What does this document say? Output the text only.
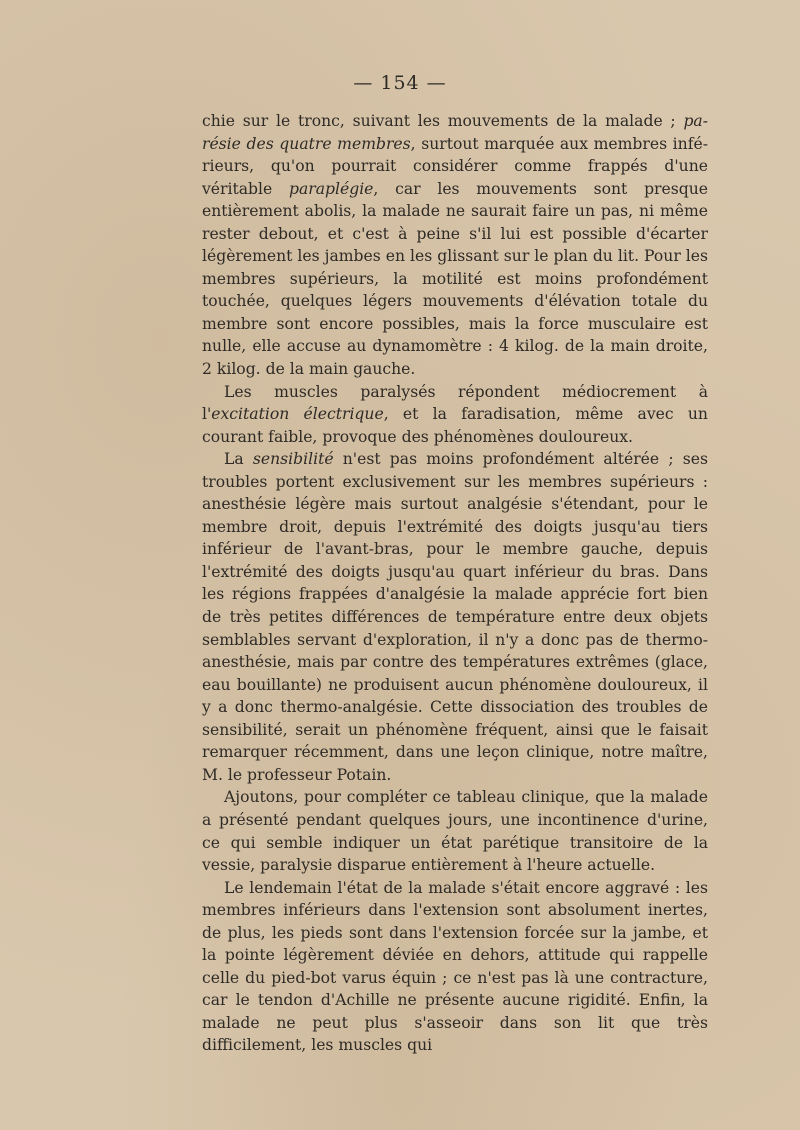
— 154 —

chie sur le tronc, suivant les mouvements de la malade ; parésie des quatre membres, surtout marquée aux membres inférieurs, qu'on pourrait considérer comme frappés d'une véritable paraplégie, car les mouvements sont presque entièrement abolis, la malade ne saurait faire un pas, ni même rester debout, et c'est à peine s'il lui est possible d'écarter légèrement les jambes en les glissant sur le plan du lit. Pour les membres supérieurs, la motilité est moins profondément touchée, quelques légers mouvements d'élévation totale du membre sont encore possibles, mais la force musculaire est nulle, elle accuse au dynamomètre : 4 kilog. de la main droite, 2 kilog. de la main gauche.

Les muscles paralysés répondent médiocrement à l'excitation électrique, et la faradisation, même avec un courant faible, provoque des phénomènes douloureux.

La sensibilité n'est pas moins profondément altérée ; ses troubles portent exclusivement sur les membres supérieurs : anesthésie légère mais surtout analgésie s'étendant, pour le membre droit, depuis l'extrémité des doigts jusqu'au tiers inférieur de l'avant-bras, pour le membre gauche, depuis l'extrémité des doigts jusqu'au quart inférieur du bras. Dans les régions frappées d'analgésie la malade apprécie fort bien de très petites différences de température entre deux objets semblables servant d'exploration, il n'y a donc pas de thermo-anesthésie, mais par contre des températures extrêmes (glace, eau bouillante) ne produisent aucun phénomène douloureux, il y a donc thermo-analgésie. Cette dissociation des troubles de sensibilité, serait un phénomène fréquent, ainsi que le faisait remarquer récemment, dans une leçon clinique, notre maître, M. le professeur Potain.

Ajoutons, pour compléter ce tableau clinique, que la malade a présenté pendant quelques jours, une incontinence d'urine, ce qui semble indiquer un état parétique transitoire de la vessie, paralysie disparue entièrement à l'heure actuelle.

Le lendemain l'état de la malade s'était encore aggravé : les membres inférieurs dans l'extension sont absolument inertes, de plus, les pieds sont dans l'extension forcée sur la jambe, et la pointe légèrement déviée en dehors, attitude qui rappelle celle du pied-bot varus équin ; ce n'est pas là une contracture, car le tendon d'Achille ne présente aucune rigidité. Enfin, la malade ne peut plus s'asseoir dans son lit que très difficilement, les muscles qui
